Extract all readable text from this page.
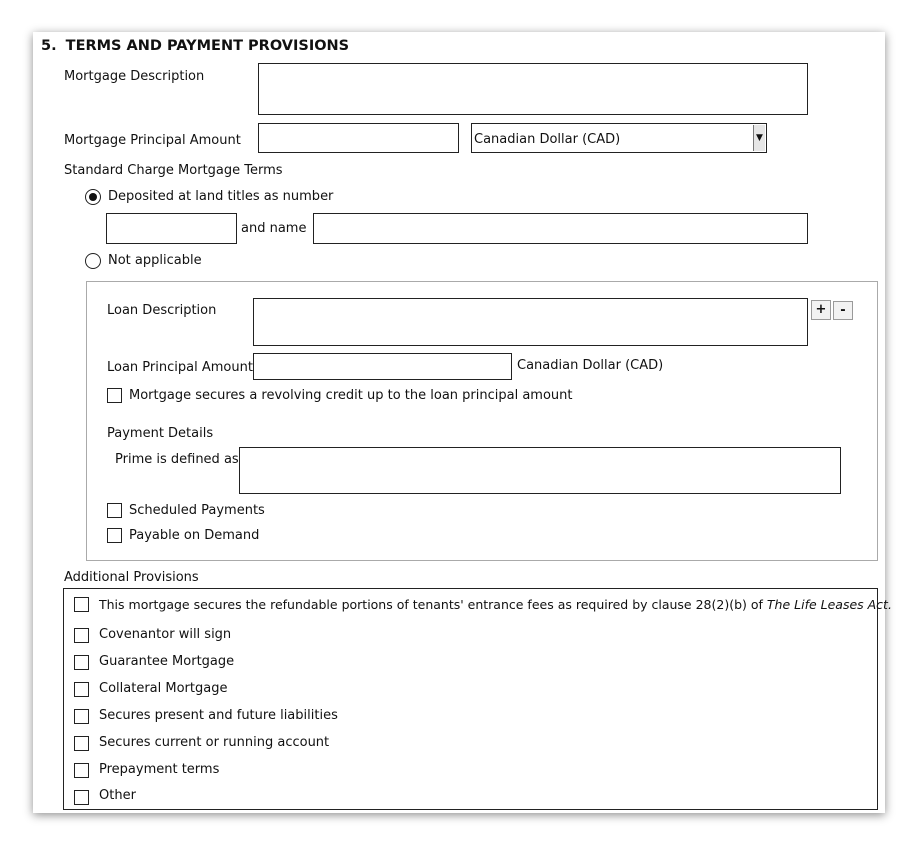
5. TERMS AND PAYMENT PROVISIONS
Mortgage Description
Mortgage Principal Amount	Canadian Dollar (CAD)	▼
Standard Charge Mortgage Terms
Deposited at land titles as number
and name
Not applicable
Loan Description	+	-
Loan Principal Amount	Canadian Dollar (CAD)
Mortgage secures a revolving credit up to the loan principal amount
Payment Details
Prime is defined as
Scheduled Payments
Payable on Demand
Additional Provisions
This mortgage secures the refundable portions of tenants' entrance fees as required by clause 28(2)(b) of The Life Leases Act.
Covenantor will sign
Guarantee Mortgage
Collateral Mortgage
Secures present and future liabilities
Secures current or running account
Prepayment terms
Other
